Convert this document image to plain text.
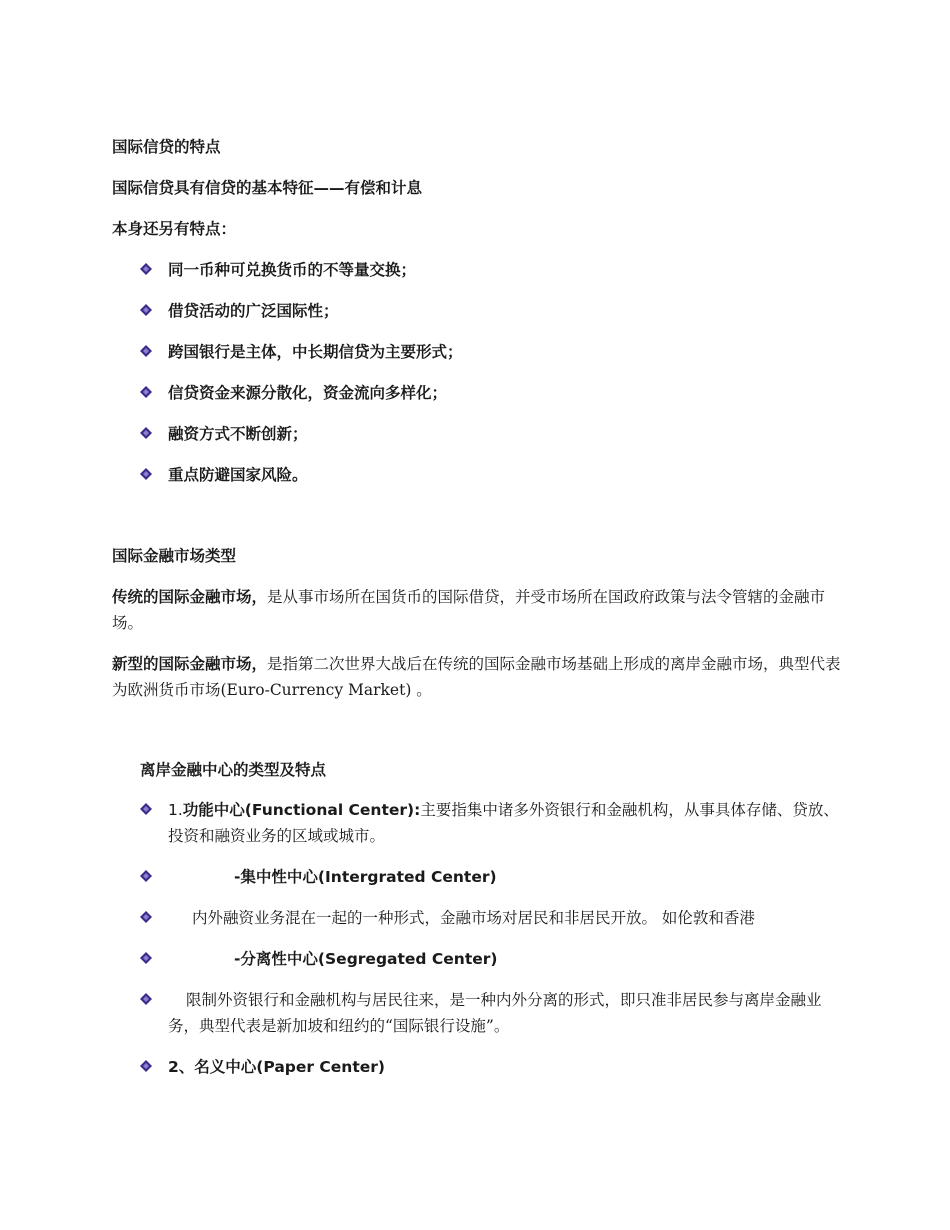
国际信贷的特点
国际信贷具有信贷的基本特征——有偿和计息
本身还另有特点：
同一币种可兑换货币的不等量交换；
借贷活动的广泛国际性；
跨国银行是主体，中长期信贷为主要形式；
信贷资金来源分散化，资金流向多样化；
融资方式不断创新；
重点防避国家风险。
国际金融市场类型
传统的国际金融市场，是从事市场所在国货币的国际借贷，并受市场所在国政府政策与法令管辖的金融市场。
新型的国际金融市场，是指第二次世界大战后在传统的国际金融市场基础上形成的离岸金融市场，典型代表为欧洲货币市场(Euro-Currency Market) 。
离岸金融中心的类型及特点
1.功能中心(Functional Center):主要指集中诸多外资银行和金融机构，从事具体存储、贷放、投资和融资业务的区域或城市。
-集中性中心(Intergrated Center)
内外融资业务混在一起的一种形式，金融市场对居民和非居民开放。 如伦敦和香港
-分离性中心(Segregated Center)
限制外资银行和金融机构与居民往来，是一种内外分离的形式，即只准非居民参与离岸金融业务，典型代表是新加坡和纽约的“国际银行设施”。
2、名义中心(Paper Center)
